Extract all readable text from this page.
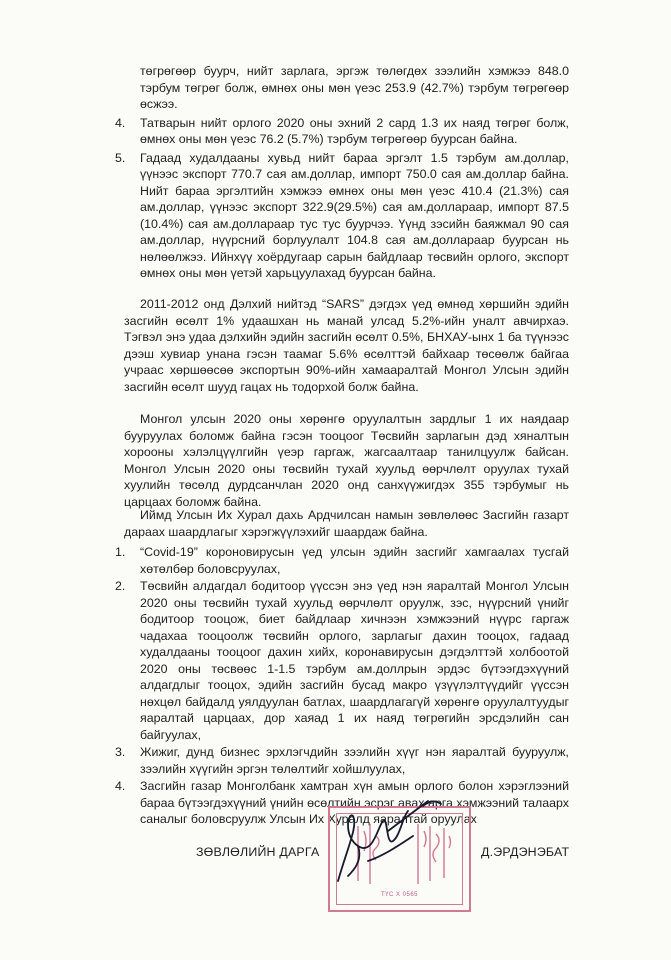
төгрөгөөр буурч, нийт зарлага, эргэж төлөгдөх зээлийн хэмжээ 848.0 тэрбум төгрөг болж, өмнөх оны мөн үеэс 253.9 (42.7%) тэрбум төгрөгөөр өсжээ.

4. Татварын нийт орлого 2020 оны эхний 2 сард 1.3 их наяд төгрөг болж, өмнөх оны мөн үеэс 76.2 (5.7%) тэрбум төгрөгөөр буурсан байна.

5. Гадаад худалдааны хувьд нийт бараа эргэлт 1.5 тэрбум ам.доллар, үүнээс экспорт 770.7 сая ам.доллар, импорт 750.0 сая ам.доллар байна. Нийт бараа эргэлтийн хэмжээ өмнөх оны мөн үеэс 410.4 (21.3%) сая ам.доллар, үүнээс экспорт 322.9(29.5%) сая ам.доллараар, импорт 87.5 (10.4%) сая ам.доллараар тус тус буурчээ. Үүнд зэсийн баяжмал 90 сая ам.доллар, нүүрсний борлуулалт 104.8 сая ам.доллараар буурсан нь нөлөөлжээ. Ийнхүү хоёрдугаар сарын байдлаар төсвийн орлого, экспорт өмнөх оны мөн үетэй харьцуулахад буурсан байна.

2011-2012 онд Дэлхий нийтэд “SARS” дэгдэх үед өмнөд хөршийн эдийн засгийн өсөлт 1% удаашхан нь манай улсад 5.2%-ийн уналт авчирхаэ. Тэгвэл энэ удаа дэлхийн эдийн засгийн өсөлт 0.5%, БНХАУ-ынх 1 ба түүнээс дээш хувиар унана гэсэн таамаг 5.6% өсөлттэй байхаар төсөөлж байгаа учраас хөршөөсөө экспортын 90%-ийн хамааралтай Монгол Улсын эдийн засгийн өсөлт шууд гацах нь тодорхой болж байна.

Монгол улсын 2020 оны хөрөнгө оруулалтын зардлыг 1 их наядаар бууруулах боломж байна гэсэн тооцоог Төсвийн зарлагын дэд хяналтын хорооны хэлэлцүүлгийн үеэр гаргаж, жагсаалтаар танилцуулж байсан. Монгол Улсын 2020 оны төсвийн тухай хуульд өөрчлөлт оруулах тухай хуулийн төсөлд дурдсанчлан 2020 онд санхүүжигдэх 355 тэрбумыг нь царцаах боломж байна.

Иймд Улсын Их Хурал дахь Ардчилсан намын зөвлөлөөс Засгийн газарт дараах шаардлагыг хэрэгжүүлэхийг шаардаж байна.

1. “Covid-19” короновирусын үед улсын эдийн засгийг хамгаалах тусгай хөтөлбөр боловсруулах,

2. Төсвийн алдагдал бодитоор үүссэн энэ үед нэн яаралтай Монгол Улсын 2020 оны төсвийн тухай хуульд өөрчлөлт оруулж, зэс, нүүрсний үнийг бодитоор тооцож, биет байдлаар хичнээн хэмжээний нүүрс гаргаж чадахаа тооцоолж төсвийн орлого, зарлагыг дахин тооцох, гадаад худалдааны тооцоог дахин хийх, коронавирусын дэгдэлттэй холбоотой 2020 оны төсвөөс 1-1.5 тэрбум ам.доллрын эрдэс бүтээгдэхүүний алдагдлыг тооцох, эдийн засгийн бусад макро үзүүлэлтүүдийг үүссэн нөхцөл байдалд уялдуулан батлах, шаардлагагүй хөрөнгө оруулалтуудыг яаралтай царцаах, дор хаяад 1 их наяд төгрөгийн эрсдэлийн сан байгуулах,

3. Жижиг, дунд бизнес эрхлэгчдийн зээлийн хүүг нэн яаралтай бууруулж, зээлийн хүүгийн эргэн төлөлтийг хойшлуулах,

4. Засгийн газар Монголбанк хамтран хүн амын орлого болон хэрэглээний бараа бүтээгдэхүүний үнийн өсөлтийн эсрэг авах арга хэмжээний талаарх саналыг боловсруулж Улсын Их Хуралд яаралтай оруулах

ТҮС Х 0565
ЗӨВЛӨЛИЙН ДАРГА	Д.ЭРДЭНЭБАТ
